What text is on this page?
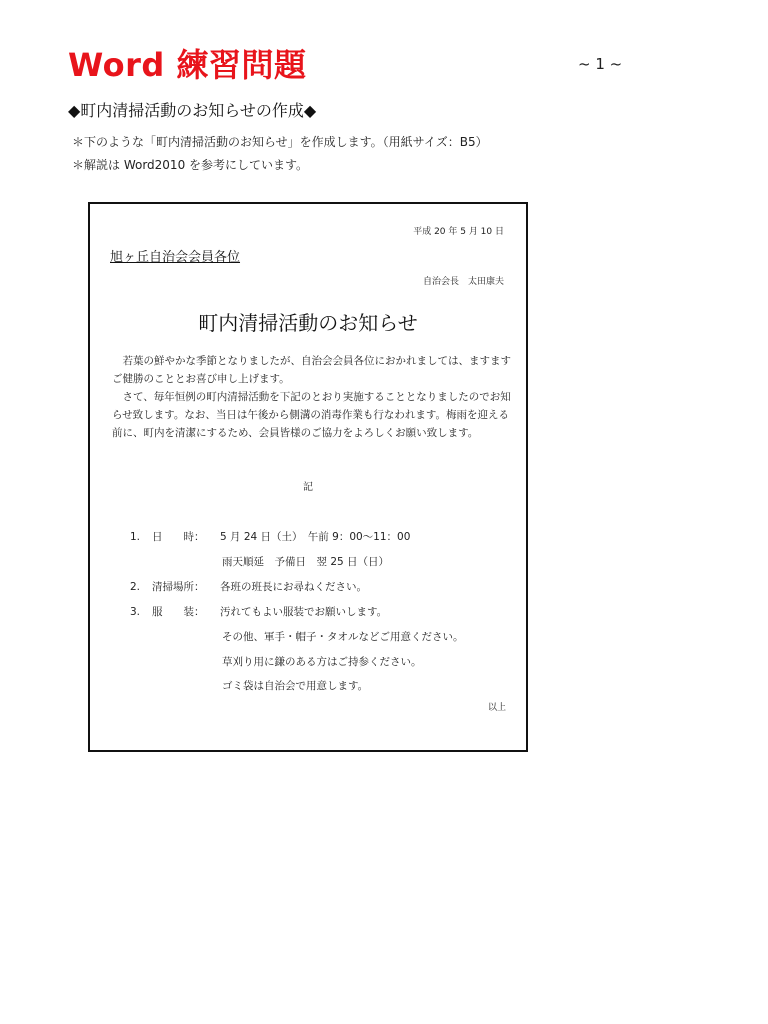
Word 練習問題	~ 1 ~
◆町内清掃活動のお知らせの作成◆
＊下のような「町内清掃活動のお知らせ」を作成します。（用紙サイズ：B5）
＊解説は Word2010 を参考にしています。
平成 20 年 5 月 10 日
旭ヶ丘自治会会員各位
自治会長　太田康夫
町内清掃活動のお知らせ

若葉の鮮やかな季節となりましたが、自治会会員各位におかれましては、ますますご健勝のこととお喜び申し上げます。

さて、毎年恒例の町内清掃活動を下記のとおり実施することとなりましたのでお知らせ致します。なお、当日は午後から側溝の消毒作業も行なわれます。梅雨を迎える前に、町内を清潔にするため、会員皆様のご協力をよろしくお願い致します。

記
1. 日　　時： 5 月 24 日（土）　午前 9：00〜11：00
雨天順延　予備日　翌 25 日（日）
2. 清掃場所： 各班の班長にお尋ねください。
3. 服　　装： 汚れてもよい服装でお願いします。
その他、軍手・帽子・タオルなどご用意ください。
草刈り用に鎌のある方はご持参ください。
ゴミ袋は自治会で用意します。
以上
